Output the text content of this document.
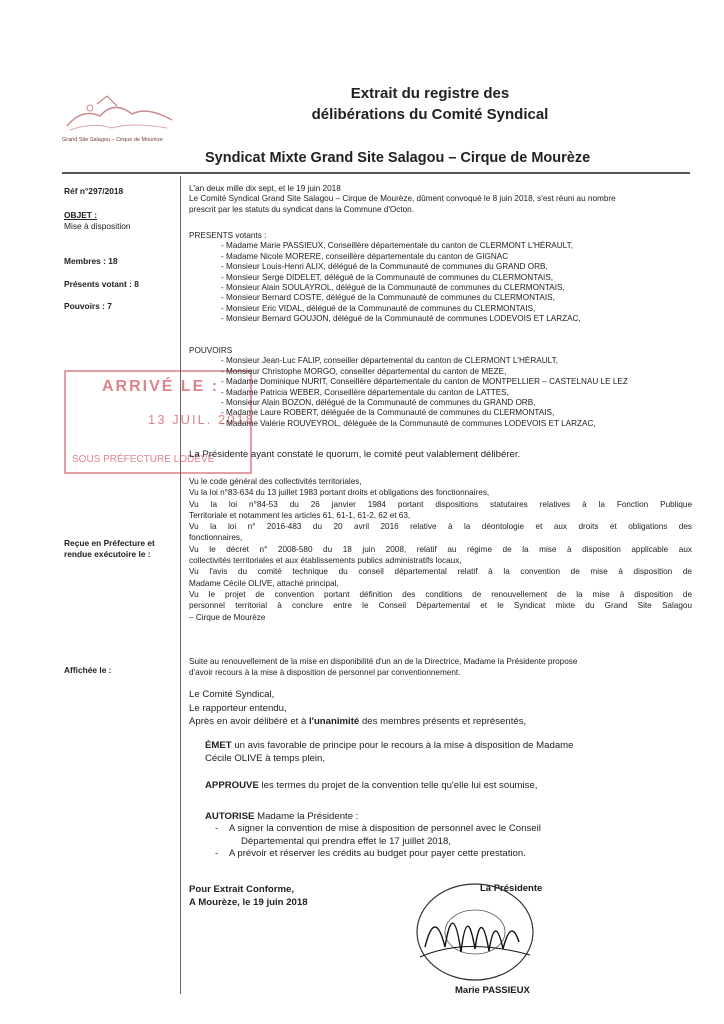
Grand Site Salagou – Cirque de Mourèze
Extrait du registre des
délibérations du Comité Syndical
Syndicat Mixte Grand Site Salagou – Cirque de Mourèze
Réf n°297/2018
OBJET :
Mise à disposition
Membres : 18
Présents votant : 8
Pouvoirs : 7
Reçue en Préfecture et
rendue exécutoire le :
Affichée le :
ARRIVÉ LE :
13 JUIL. 2018
SOUS PRÉFECTURE LODÈVE
L'an deux mille dix sept, et le 19 juin 2018
Le Comité Syndical Grand Site Salagou – Cirque de Mourèze, dûment convoqué le 8 juin 2018, s'est réuni au nombre
prescrit par les statuts du syndicat dans la Commune d'Octon.
PRESENTS votants :
- Madame Marie PASSIEUX, Conseillère départementale du canton de CLERMONT L'HÉRAULT,
- Madame Nicole MORERE, conseillère départementale du canton de GIGNAC
- Monsieur Louis-Henri ALIX, délégué de la Communauté de communes du GRAND ORB,
- Monsieur Serge DIDELET, délégué de la Communauté de communes du CLERMONTAIS,
- Monsieur Alain SOULAYROL, délégué de la Communauté de communes du CLERMONTAIS,
- Monsieur Bernard COSTE, délégué de la Communauté de communes du CLERMONTAIS,
- Monsieur Eric VIDAL, délégué de la Communauté de communes du CLERMONTAIS,
- Monsieur Bernard GOUJON, délégué de la Communauté de communes LODEVOIS ET LARZAC,
POUVOIRS
- Monsieur Jean-Luc FALIP, conseiller départemental du canton de CLERMONT L'HÉRAULT,
- Monsieur Christophe MORGO, conseiller départemental du canton de MEZE,
- Madame Dominique NURIT, Conseillère départementale du canton de MONTPELLIER – CASTELNAU LE LEZ
- Madame Patricia WEBER, Conseillère départementale du canton de LATTES,
- Monsieur Alain BOZON, délégué de la Communauté de communes du GRAND ORB,
- Madame Laure ROBERT, déléguée de la Communauté de communes du CLERMONTAIS,
- Madame Valérie ROUVEYROL, déléguée de la Communauté de communes LODEVOIS ET LARZAC,
La Présidente ayant constaté le quorum, le comité peut valablement délibérer.
Vu le code général des collectivités territoriales,
Vu la loi n°83-634 du 13 juillet 1983 portant droits et obligations des fonctionnaires,
Vu la loi n°84-53 du 26 janvier 1984 portant dispositions statutaires relatives à la Fonction Publique
Territoriale et notamment les articles 61, 61-1, 61-2, 62 et 63,
Vu la loi n° 2016-483 du 20 avril 2016 relative à la déontologie et aux droits et obligations des
fonctionnaires,
Vu le décret n° 2008-580 du 18 juin 2008, relatif au régime de la mise à disposition applicable aux
collectivités territoriales et aux établissements publics administratifs locaux,
Vu l'avis du comité technique du conseil départemental relatif à la convention de mise à disposition de
Madame Cécile OLIVE, attaché principal,
Vu le projet de convention portant définition des conditions de renouvellement de la mise à disposition de
personnel territorial à conclure entre le Conseil Départemental et le Syndicat mixte du Grand Site Salagou
– Cirque de Mourèze
Suite au renouvellement de la mise en disponibilité d'un an de la Directrice, Madame la Présidente propose
d'avoir recours à la mise à disposition de personnel par conventionnement.
Le Comité Syndical,
Le rapporteur entendu,
Après en avoir délibéré et à l'unanimité des membres présents et représentés,
ÉMET un avis favorable de principe pour le recours à la mise à disposition de Madame
Cécile OLIVE à temps plein,
APPROUVE les termes du projet de la convention telle qu'elle lui est soumise,
AUTORISE Madame la Présidente :
-    A signer la convention de mise à disposition de personnel avec le Conseil
Départemental qui prendra effet le 17 juillet 2018,
-    A prévoir et réserver les crédits au budget pour payer cette prestation.
Pour Extrait Conforme,
A Mourèze, le 19 juin 2018
La Présidente
Marie PASSIEUX
